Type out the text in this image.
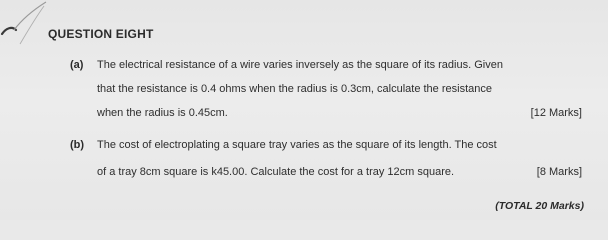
QUESTION EIGHT
(a) The electrical resistance of a wire varies inversely as the square of its radius. Given
that the resistance is 0.4 ohms when the radius is 0.3cm, calculate the resistance
when the radius is 0.45cm.	[12 Marks]
(b) The cost of electroplating a square tray varies as the square of its length. The cost
of a tray 8cm square is k45.00. Calculate the cost for a tray 12cm square.	[8 Marks]
(TOTAL 20 Marks)
